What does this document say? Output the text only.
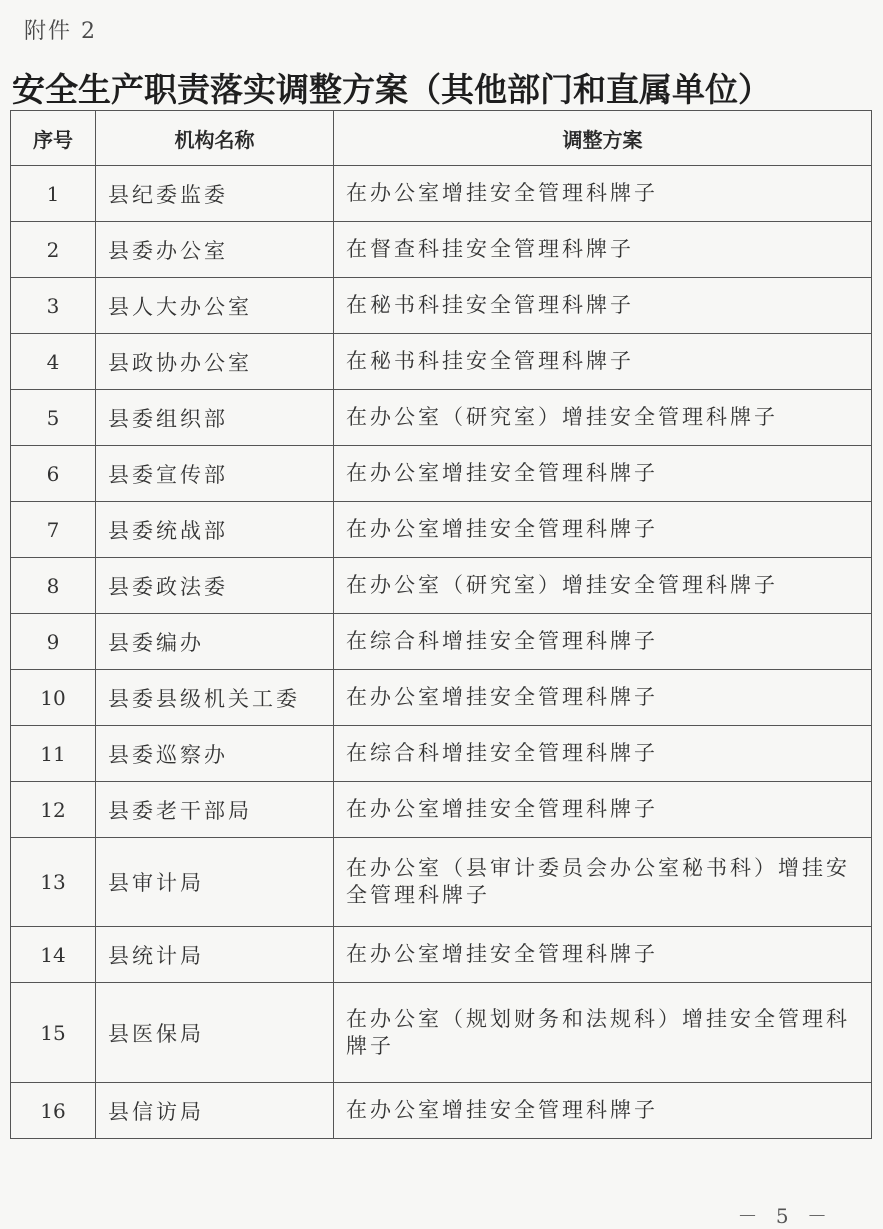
附件 2
安全生产职责落实调整方案（其他部门和直属单位）
序号	机构名称	调整方案
1	县纪委监委	在办公室增挂安全管理科牌子
2	县委办公室	在督查科挂安全管理科牌子
3	县人大办公室	在秘书科挂安全管理科牌子
4	县政协办公室	在秘书科挂安全管理科牌子
5	县委组织部	在办公室（研究室）增挂安全管理科牌子
6	县委宣传部	在办公室增挂安全管理科牌子
7	县委统战部	在办公室增挂安全管理科牌子
8	县委政法委	在办公室（研究室）增挂安全管理科牌子
9	县委编办	在综合科增挂安全管理科牌子
10	县委县级机关工委	在办公室增挂安全管理科牌子
11	县委巡察办	在综合科增挂安全管理科牌子
12	县委老干部局	在办公室增挂安全管理科牌子
13	县审计局	在办公室（县审计委员会办公室秘书科）增挂安全管理科牌子
14	县统计局	在办公室增挂安全管理科牌子
15	县医保局	在办公室（规划财务和法规科）增挂安全管理科牌子
16	县信访局	在办公室增挂安全管理科牌子
－ 5 －
